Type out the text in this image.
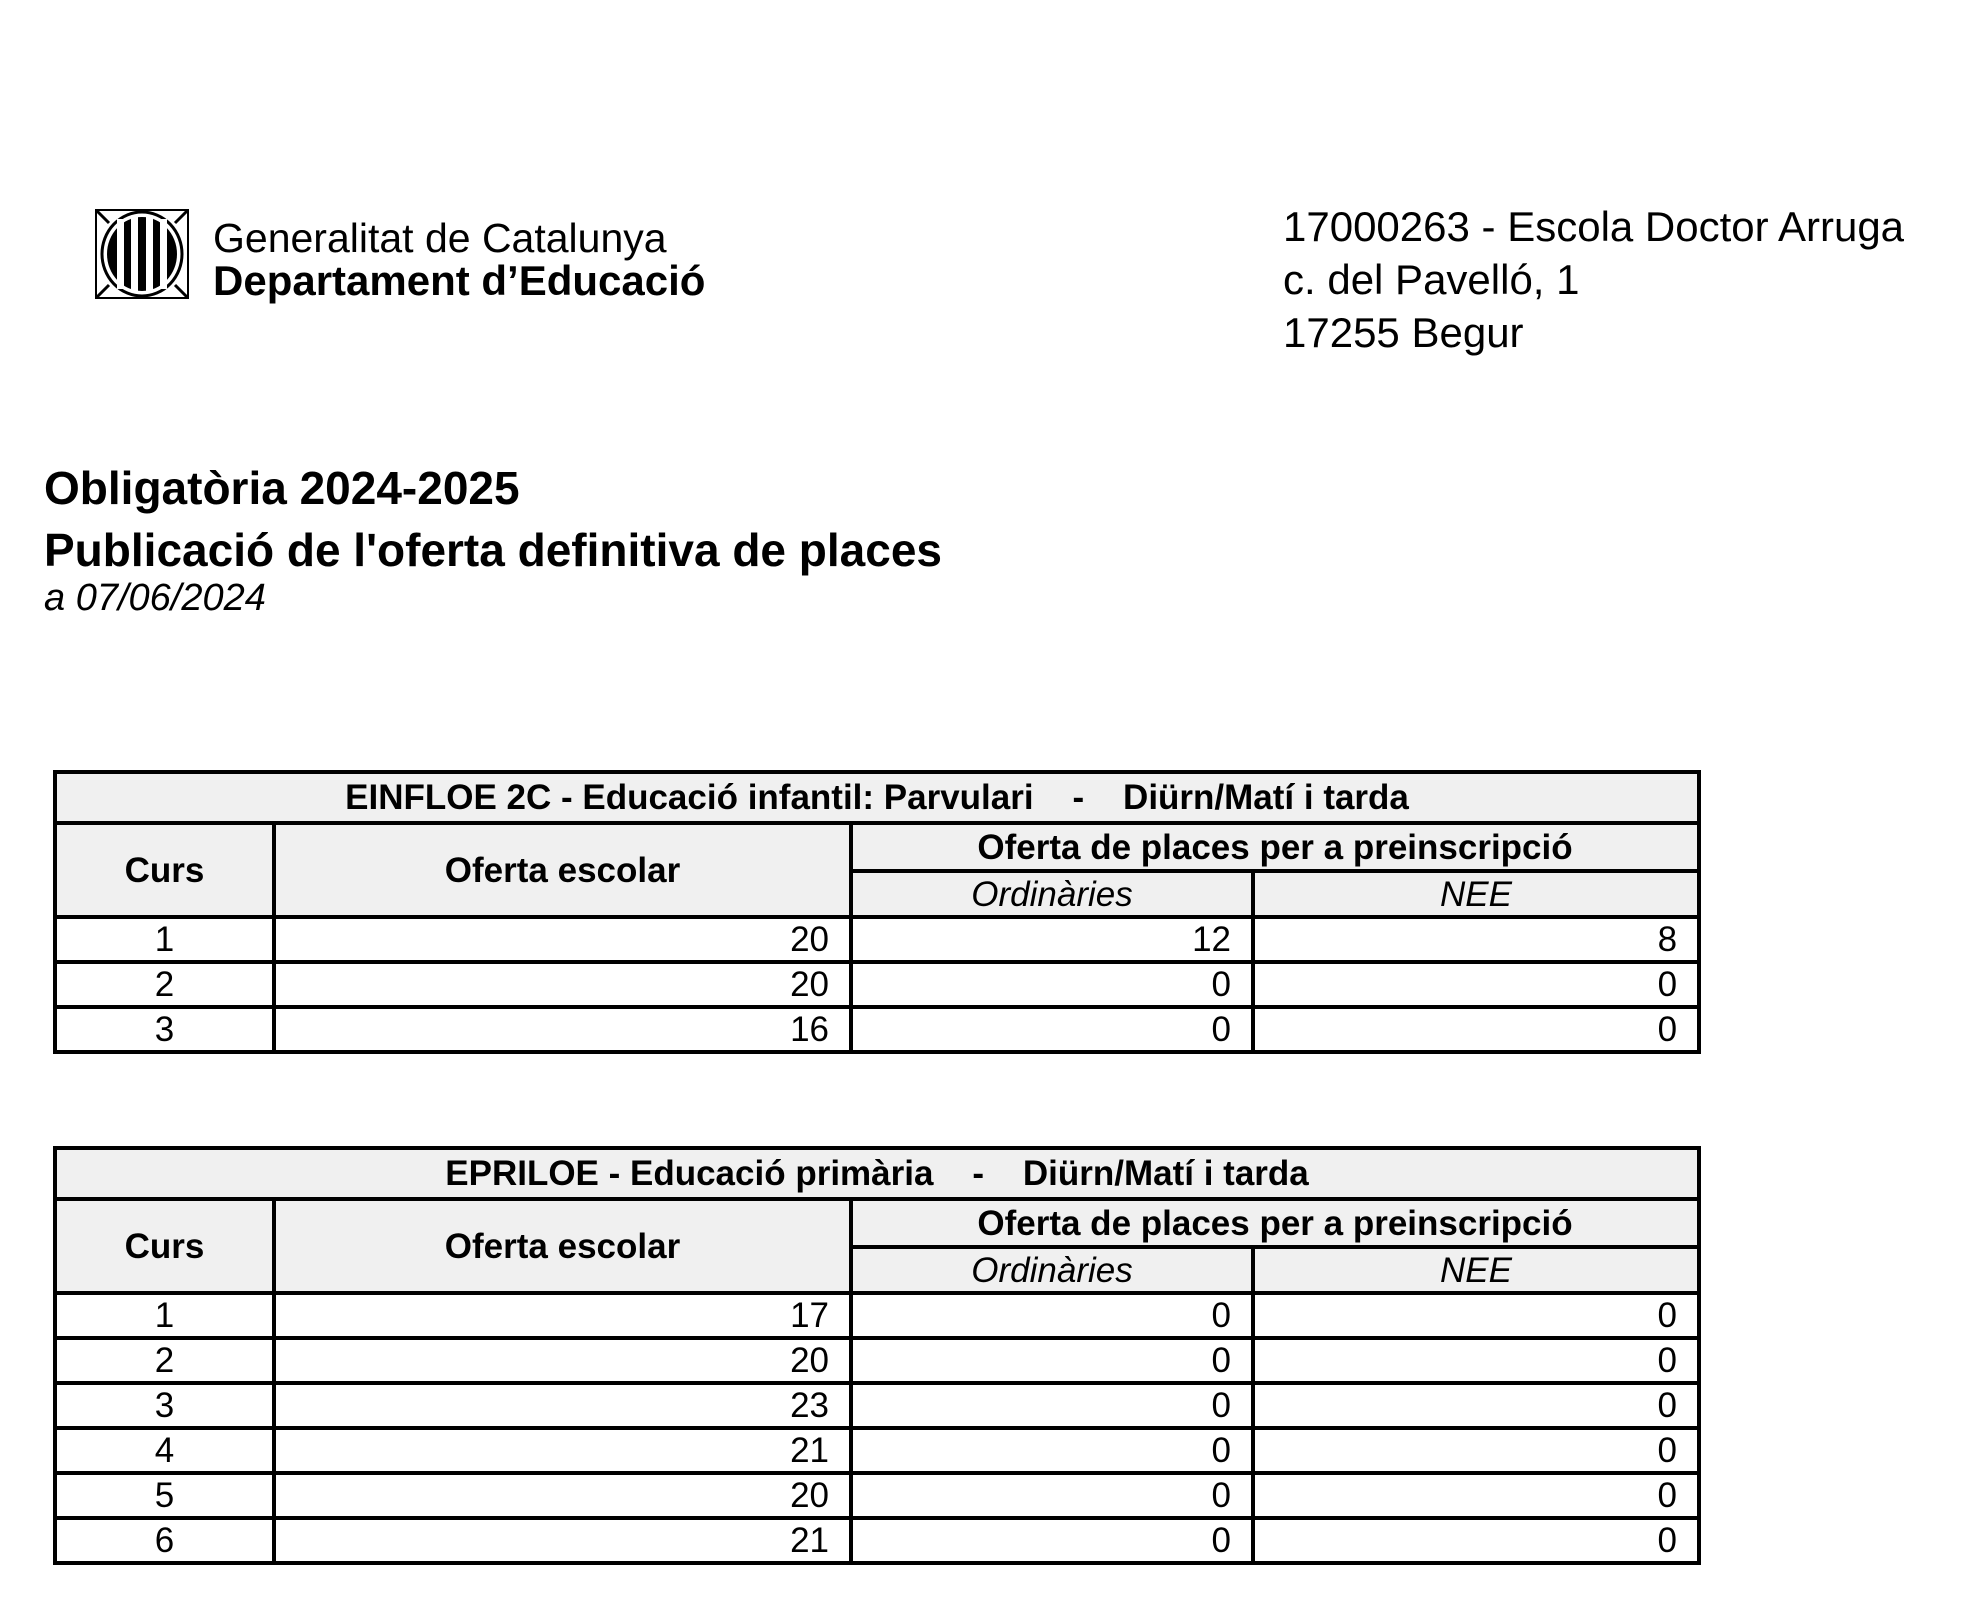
Generalitat de Catalunya
Departament d’Educació
17000263 - Escola Doctor Arruga
c. del Pavelló, 1
17255 Begur
Obligatòria 2024-2025
Publicació de l'oferta definitiva de places
a 07/06/2024
EINFLOE 2C - Educació infantil: Parvulari    -    Diürn/Matí i tarda			
Curs	Oferta escolar	Oferta de places per a preinscripció	
		Ordinàries	NEE
1	20	12	8
2	20	0	0
3	16	0	0
EPRILOE - Educació primària    -    Diürn/Matí i tarda			
Curs	Oferta escolar	Oferta de places per a preinscripció	
		Ordinàries	NEE
1	17	0	0
2	20	0	0
3	23	0	0
4	21	0	0
5	20	0	0
6	21	0	0
